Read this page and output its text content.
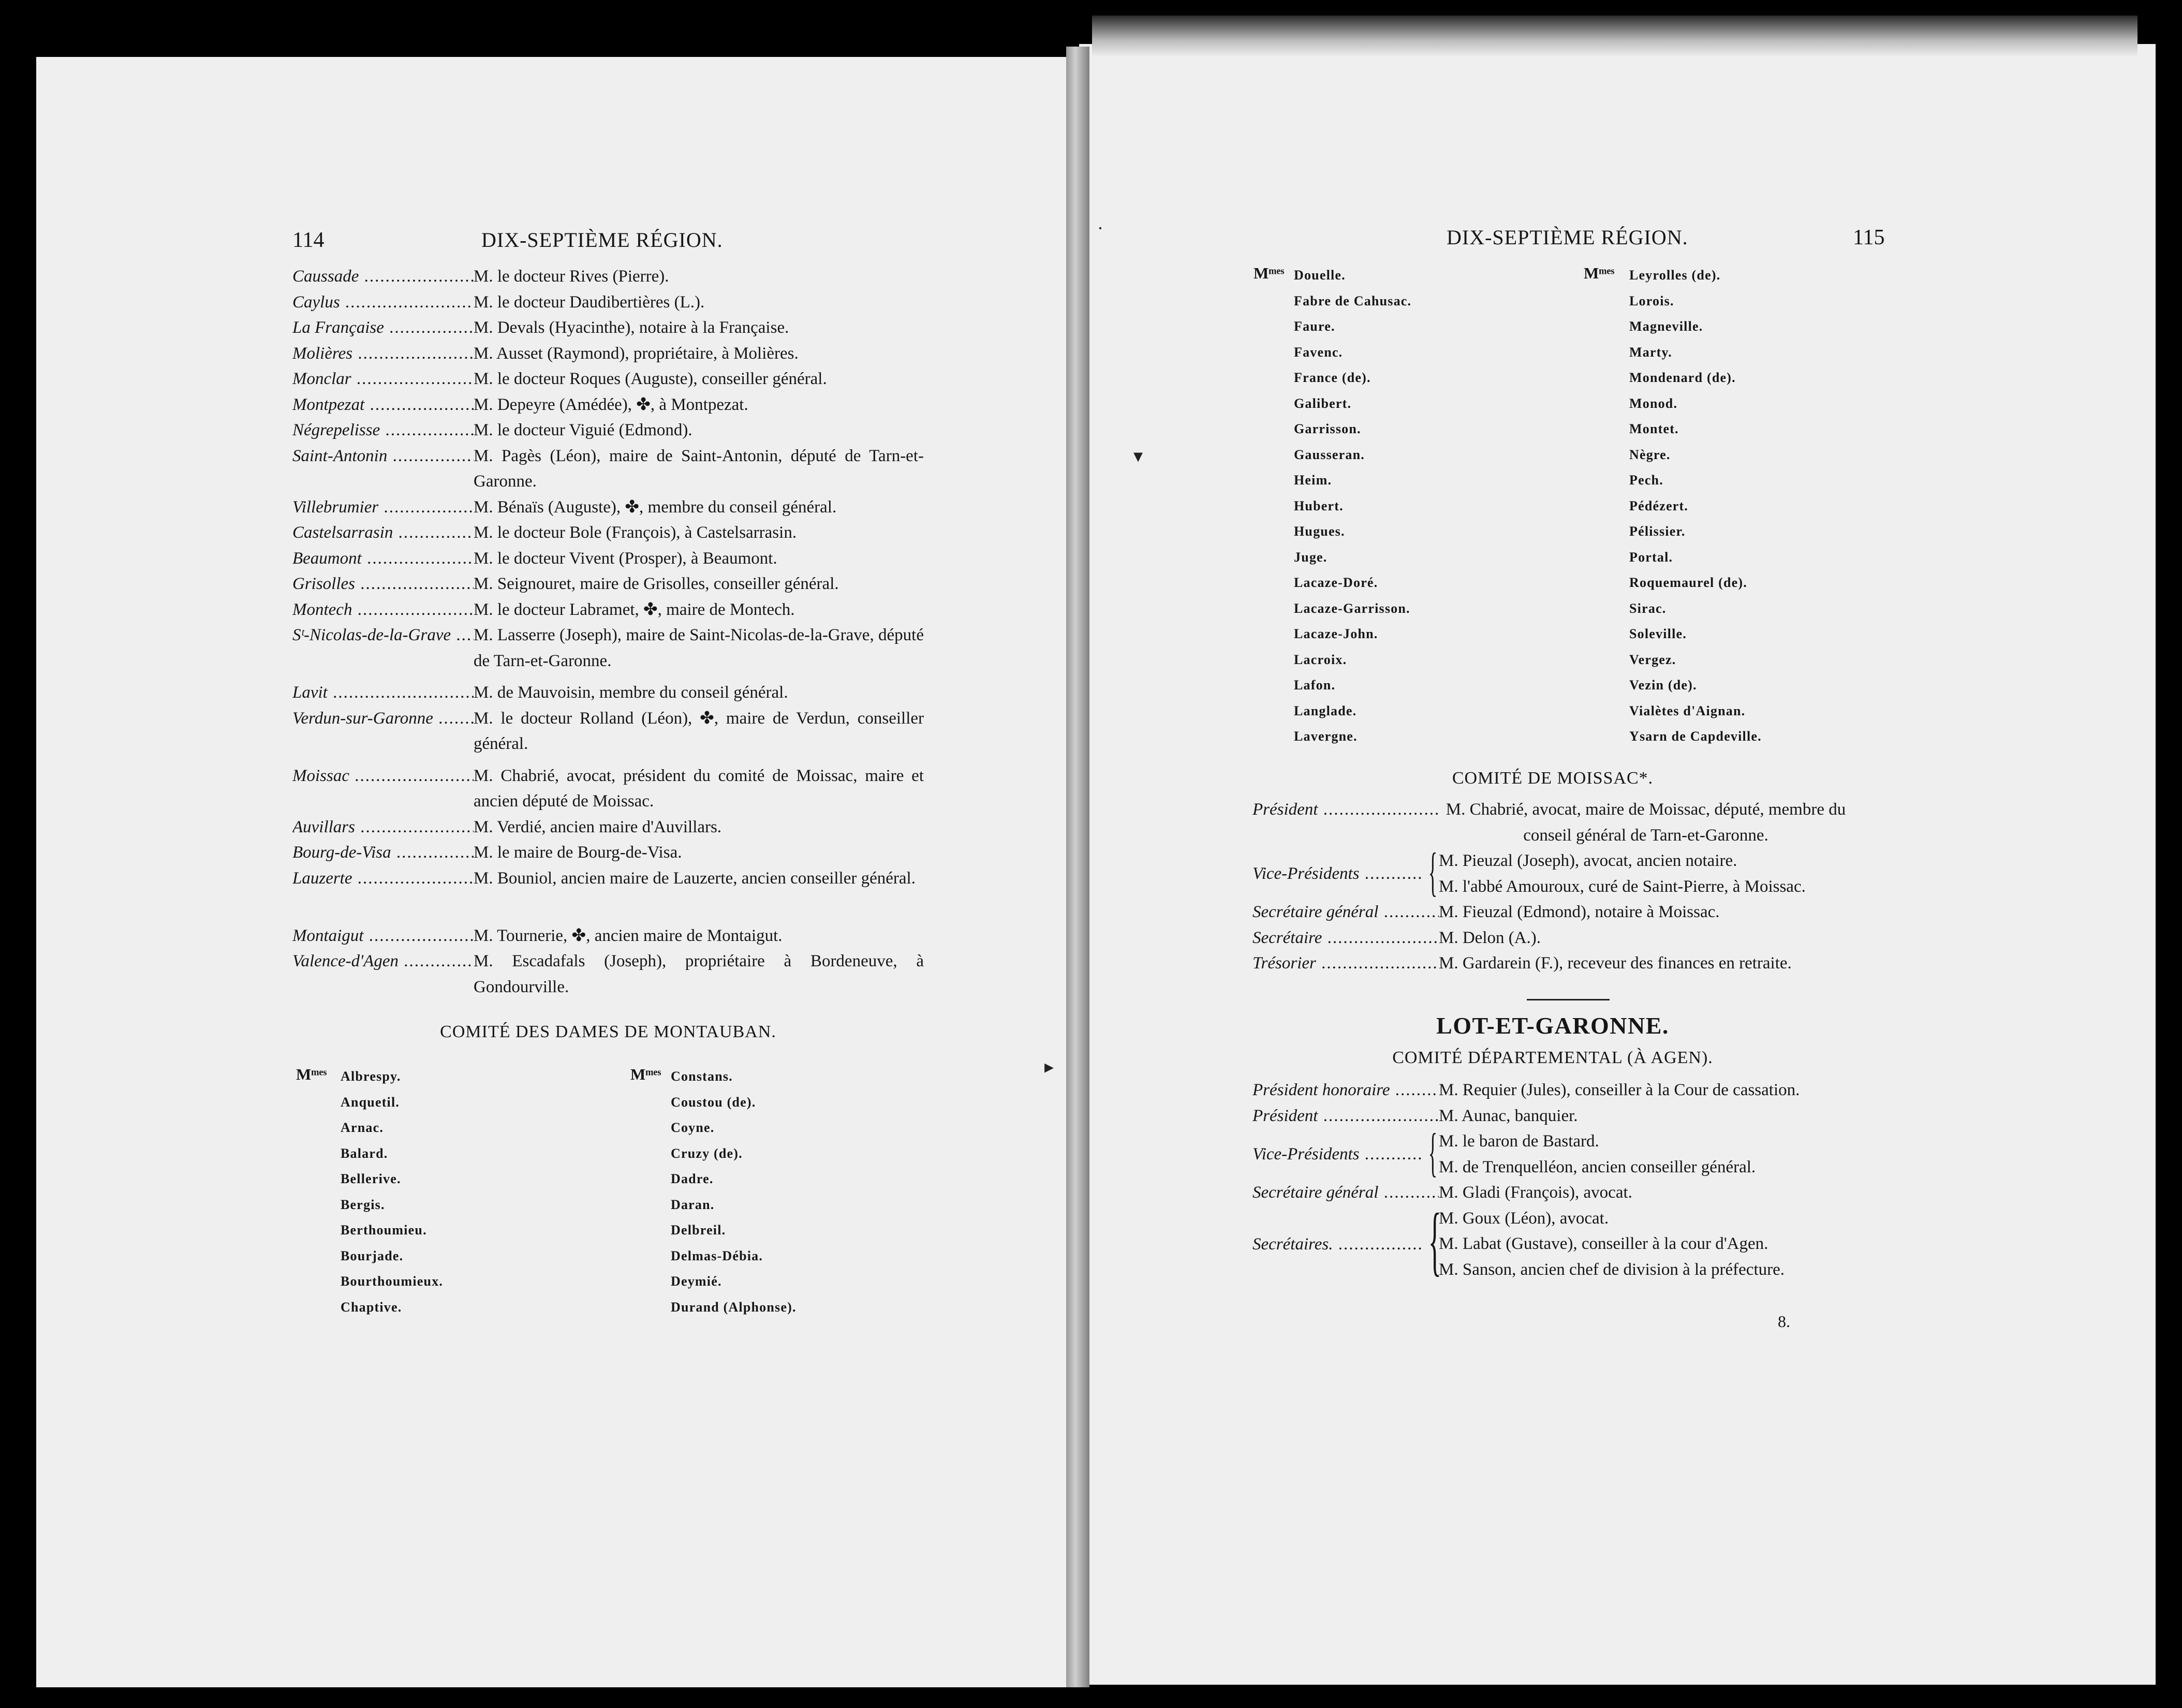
114	DIX-SEPTIÈME RÉGION.
Caussade .....	M. le docteur Rives (Pierre).
Caylus .....	M. le docteur Daudibertières (L.).
La Française .....	M. Devals (Hyacinthe), notaire à la Française.
Molières .....	M. Ausset (Raymond), propriétaire, à Molières.
Monclar .....	M. le docteur Roques (Auguste), conseiller général.
Montpezat .....	M. Depeyre (Amédée), ✤, à Montpezat.
Négrepelisse .....	M. le docteur Viguié (Edmond).
Saint-Antonin .....	M. Pagès (Léon), maire de Saint-Antonin, député de Tarn-et-Garonne.
Villebrumier .....	M. Bénaïs (Auguste), ✤, membre du conseil général.
Castelsarrasin .....	M. le docteur Bole (François), à Castelsarrasin.
Beaumont .....	M. le docteur Vivent (Prosper), à Beaumont.
Grisolles .....	M. Seignouret, maire de Grisolles, conseiller général.
Montech .....	M. le docteur Labramet, ✤, maire de Montech.
Sᵗ-Nicolas-de-la-Grave .....	M. Lasserre (Joseph), maire de Saint-Nicolas-de-la-Grave, député de Tarn-et-Garonne.
Lavit .....	M. de Mauvoisin, membre du conseil général.
Verdun-sur-Garonne .....	M. le docteur Rolland (Léon), ✤, maire de Verdun, conseiller général.
Moissac .....	M. Chabrié, avocat, président du comité de Moissac, maire et ancien député de Moissac.
Auvillars .....	M. Verdié, ancien maire d'Auvillars.
Bourg-de-Visa .....	M. le maire de Bourg-de-Visa.
Lauzerte .....	M. Bouniol, ancien maire de Lauzerte, ancien conseiller général.
Montaigut .....	M. Tournerie, ✤, ancien maire de Montaigut.
Valence-d'Agen .....	M. Escadafals (Joseph), propriétaire à Bordeneuve, à Gondourville.
COMITÉ DES DAMES DE MONTAUBAN.
Mᵐᵉˢ Albrespy.
Anquetil.
Arnac.
Balard.
Bellerive.
Bergis.
Berthoumieu.
Bourjade.
Bourthoumieux.
Chaptive.
Mᵐᵉˢ Constans.
Coustou (de).
Coyne.
Cruzy (de).
Dadre.
Daran.
Delbreil.
Delmas-Débia.
Deymié.
Durand (Alphonse).
DIX-SEPTIÈME RÉGION.	115
Mᵐᵉˢ Douelle.
Fabre de Cahusac.
Faure.
Favenc.
France (de).
Galibert.
Garrisson.
Gausseran.
Heim.
Hubert.
Hugues.
Juge.
Lacaze-Doré.
Lacaze-Garrisson.
Lacaze-John.
Lacroix.
Lafon.
Langlade.
Lavergne.
Mᵐᵉˢ Leyrolles (de).
Lorois.
Magneville.
Marty.
Mondenard (de).
Monod.
Montet.
Nègre.
Pech.
Pédézert.
Pélissier.
Portal.
Roquemaurel (de).
Sirac.
Soleville.
Vergez.
Vezin (de).
Vialètes d'Aignan.
Ysarn de Capdeville.
COMITÉ DE MOISSAC*.
Président .....	M. Chabrié, avocat, maire de Moissac, député, membre du conseil général de Tarn-et-Garonne.
Vice-Présidents .....	{ M. Pieuzal (Joseph), avocat, ancien notaire.
M. l'abbé Amouroux, curé de Saint-Pierre, à Moissac.
Secrétaire général .....	M. Fieuzal (Edmond), notaire à Moissac.
Secrétaire .....	M. Delon (A.).
Trésorier .....	M. Gardarein (F.), receveur des finances en retraite.
LOT-ET-GARONNE.
COMITÉ DÉPARTEMENTAL (À AGEN).
Président honoraire .....	M. Requier (Jules), conseiller à la Cour de cassation.
Président .....	M. Aunac, banquier.
Vice-Présidents .....	{ M. le baron de Bastard.
M. de Trenquelléon, ancien conseiller général.
Secrétaire général .....	M. Gladi (François), avocat.
Secrétaires. .....	{
M. Goux (Léon), avocat.
M. Labat (Gustave), conseiller à la cour d'Agen.
M. Sanson, ancien chef de division à la préfecture.
8.
▾
▸
·
